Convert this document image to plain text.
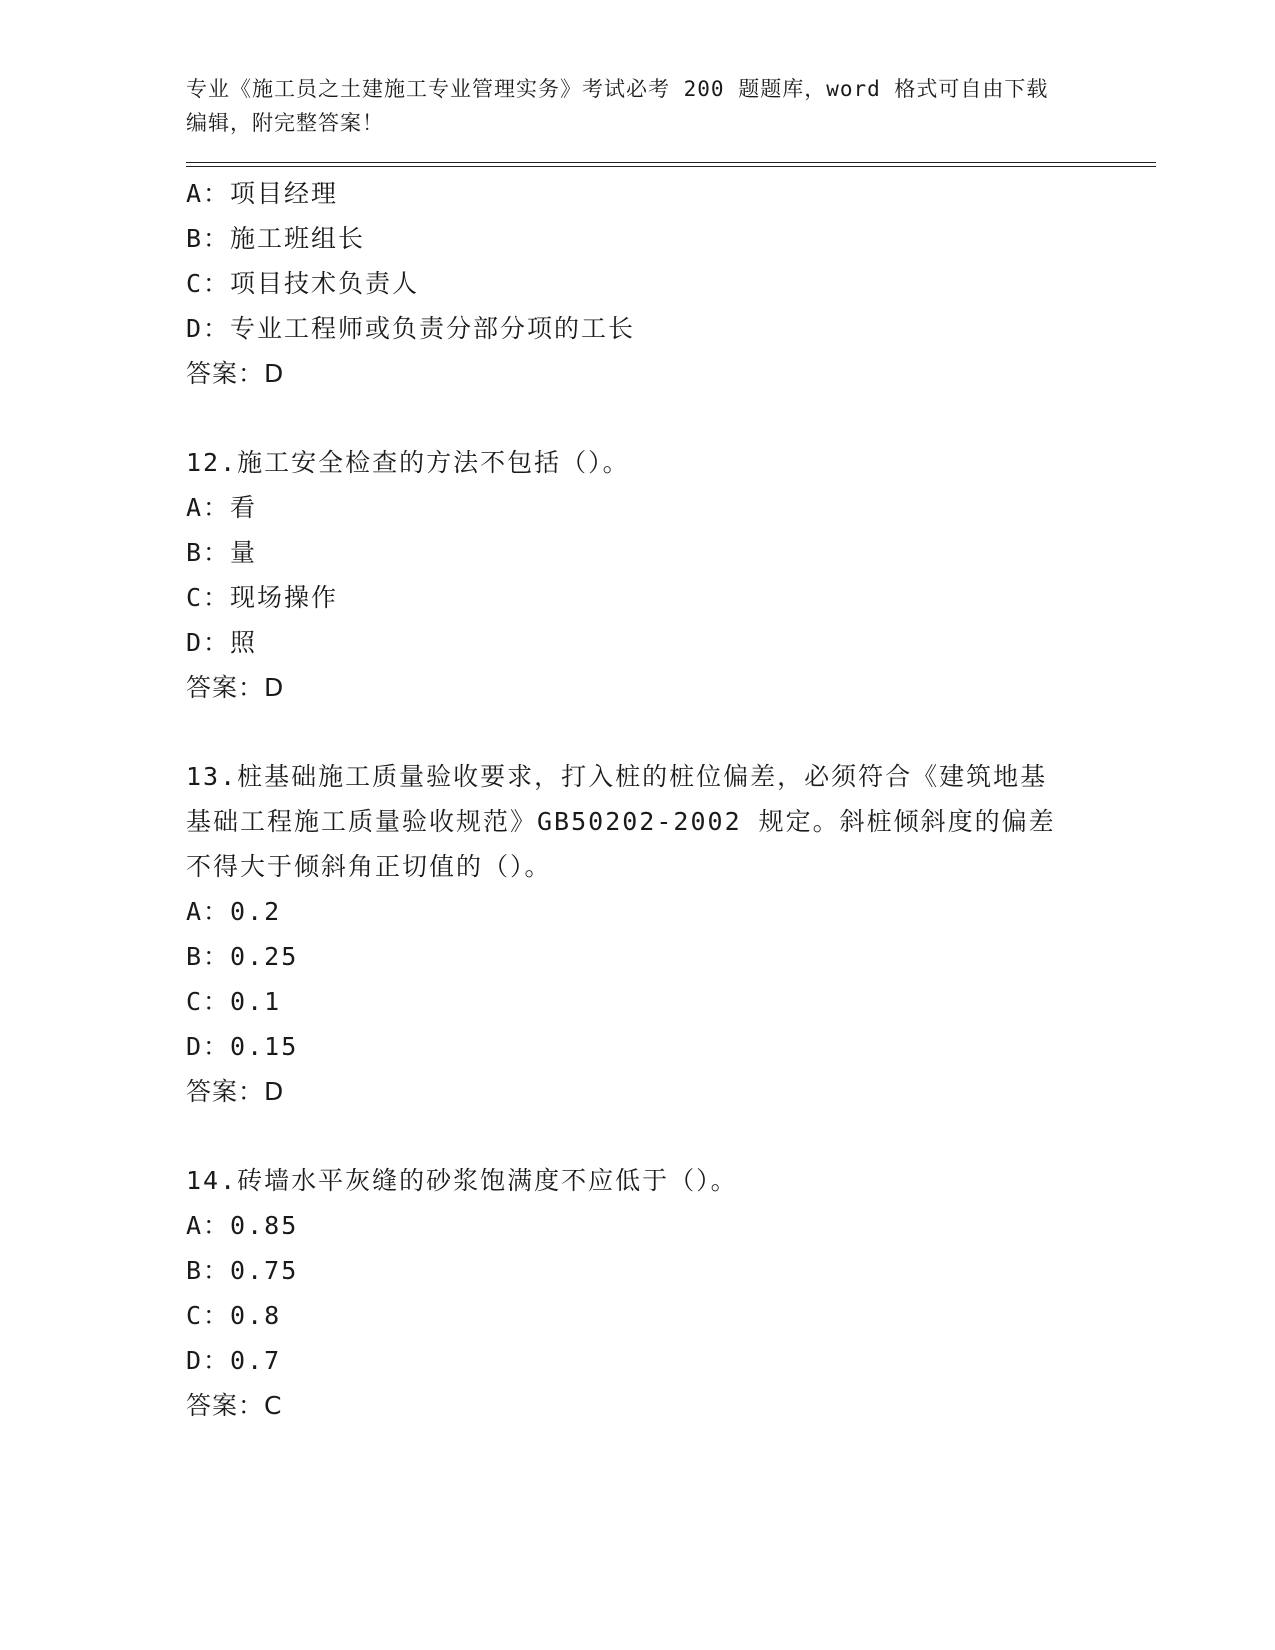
专业《施工员之土建施工专业管理实务》考试必考 200 题题库，word 格式可自由下载编辑，附完整答案！
A：项目经理
B：施工班组长
C：项目技术负责人
D：专业工程师或负责分部分项的工长
答案：D
12.施工安全检查的方法不包括（）。
A：看
B：量
C：现场操作
D：照
答案：D
13.桩基础施工质量验收要求，打入桩的桩位偏差，必须符合《建筑地基基础工程施工质量验收规范》GB50202-2002 规定。斜桩倾斜度的偏差不得大于倾斜角正切值的（）。
A：0.2
B：0.25
C：0.1
D：0.15
答案：D
14.砖墙水平灰缝的砂浆饱满度不应低于（）。
A：0.85
B：0.75
C：0.8
D：0.7
答案：C
